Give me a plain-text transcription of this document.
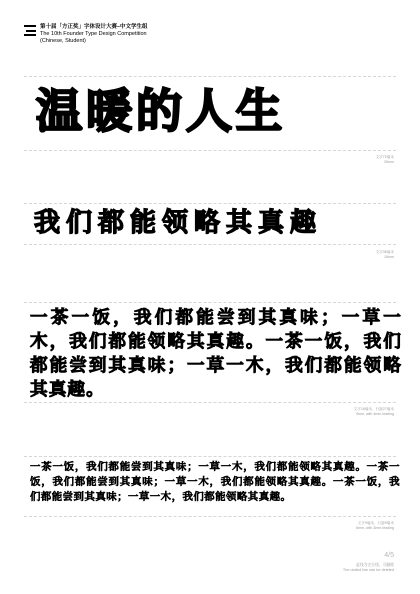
第十届「方正奖」字体设计大赛–中文学生组
The 10th Founder Type Design Competition
(Chinese, Student)
温暖的人生
文字72毫米
26mm
我们都能领略其真趣
文字36毫米
18mm
一茶一饭，我们都能尝到其真味；一草一木，我们都能领略其真趣。一茶一饭，我们都能尝到其真味；一草一木，我们都能领略其真趣。
文字18毫米，行距27毫米
9mm, with 4mm leading
一茶一饭，我们都能尝到其真味；一草一木，我们都能领略其真趣。一茶一饭，我们都能尝到其真味；一草一木，我们都能领略其真趣。一茶一饭，我们都能尝到其真味；一草一木，我们都能领略其真趣。
文字9毫米，行距9毫米
6mm, with 3mm leading
4/5
虚线为定位线，可删除
The dotted line can be deleted
